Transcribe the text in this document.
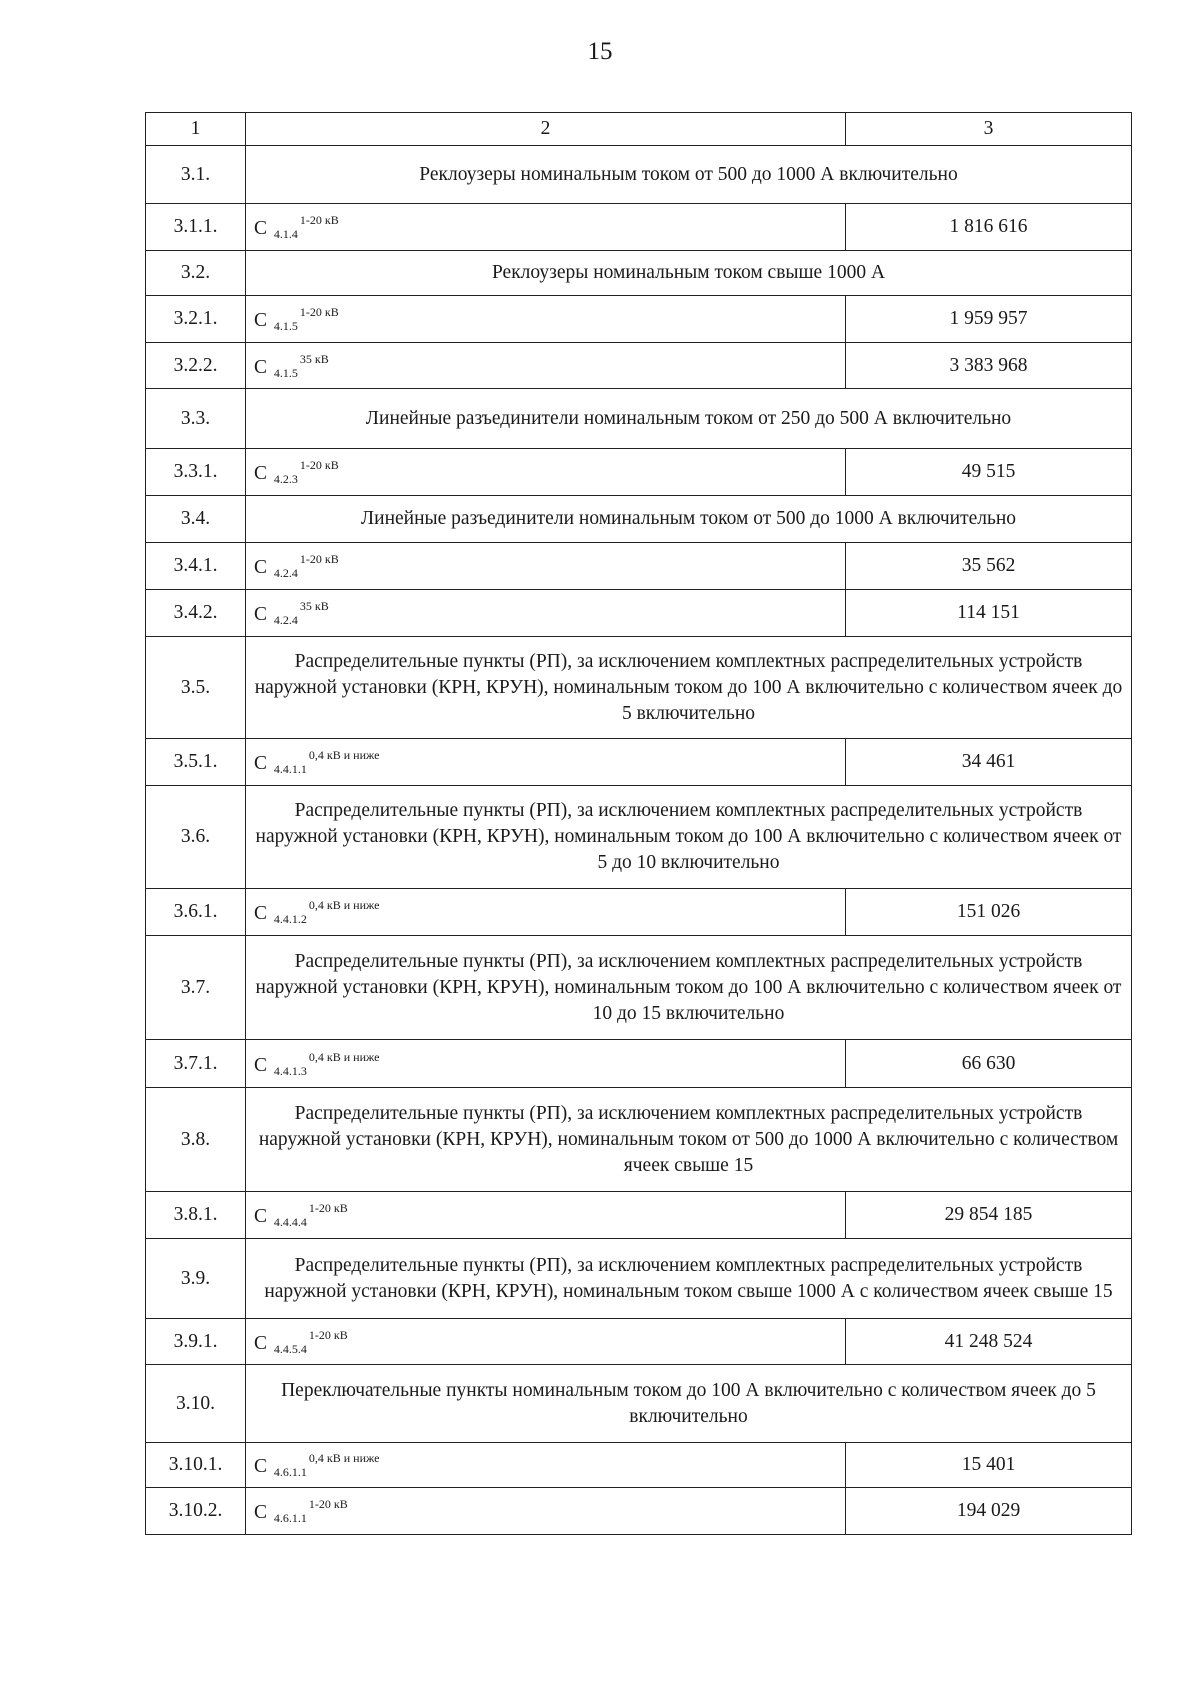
15
1	2	3
3.1.	Реклоузеры номинальным током от 500 до 1000 А включительно	
3.1.1.	С $_{4.1.4}^{1-20 кВ}$	1 816 616
3.2.	Реклоузеры номинальным током свыше 1000 А	
3.2.1.	С $_{4.1.5}^{1-20 кВ}$	1 959 957
3.2.2.	С $_{4.1.5}^{35 кВ}$	3 383 968
3.3.	Линейные разъединители номинальным током от 250 до 500 А включительно	
3.3.1.	С $_{4.2.3}^{1-20 кВ}$	49 515
3.4.	Линейные разъединители номинальным током от 500 до 1000 А включительно	
3.4.1.	С $_{4.2.4}^{1-20 кВ}$	35 562
3.4.2.	С $_{4.2.4}^{35 кВ}$	114 151
3.5.	Распределительные пункты (РП), за исключением комплектных распределительных устройств наружной установки (КРН, КРУН), номинальным током до 100 А включительно с количеством ячеек до 5 включительно	
3.5.1.	С $_{4.4.1.1}^{0,4 кВ и ниже}$	34 461
3.6.	Распределительные пункты (РП), за исключением комплектных распределительных устройств наружной установки (КРН, КРУН), номинальным током до 100 А включительно с количеством ячеек от 5 до 10 включительно	
3.6.1.	С $_{4.4.1.2}^{0,4 кВ и ниже}$	151 026
3.7.	Распределительные пункты (РП), за исключением комплектных распределительных устройств наружной установки (КРН, КРУН), номинальным током до 100 А включительно с количеством ячеек от 10 до 15 включительно	
3.7.1.	С $_{4.4.1.3}^{0,4 кВ и ниже}$	66 630
3.8.	Распределительные пункты (РП), за исключением комплектных распределительных устройств наружной установки (КРН, КРУН), номинальным током от 500 до 1000 А включительно с количеством ячеек свыше 15	
3.8.1.	С $_{4.4.4.4}^{1-20 кВ}$	29 854 185
3.9.	Распределительные пункты (РП), за исключением комплектных распределительных устройств наружной установки (КРН, КРУН), номинальным током свыше 1000 А с количеством ячеек свыше 15	
3.9.1.	С $_{4.4.5.4}^{1-20 кВ}$	41 248 524
3.10.	Переключательные пункты номинальным током до 100 А включительно с количеством ячеек до 5 включительно	
3.10.1.	С $_{4.6.1.1}^{0,4 кВ и ниже}$	15 401
3.10.2.	С $_{4.6.1.1}^{1-20 кВ}$	194 029
